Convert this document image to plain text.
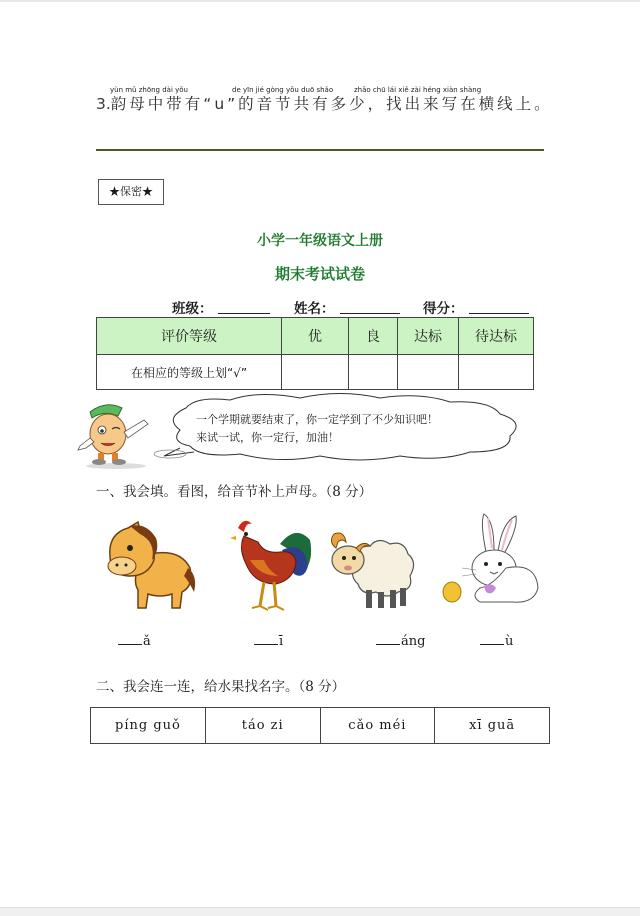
yùn mǔ zhōng dài yǒu	de yīn jié gòng yǒu duō shǎo	zhǎo chū lái xiě zài héng xiàn shàng
3.韵母中带有“u”的音节共有多少，找出来写在横线上。
★保密★
小学一年级语文上册
期末考试试卷
班级：	姓名：	得分：
评价等级	优	良	达标	待达标
在相应的等级上划“√”				
一个学期就要结束了，你一定学到了不少知识吧！
来试一试，你一定行，加油！
一、我会填。看图，给音节补上声母。（8 分）
ǎ	ī	áng	ù
二、我会连一连，给水果找名字。（8 分）
píng guǒ	táo zi	cǎo méi	xī guā
